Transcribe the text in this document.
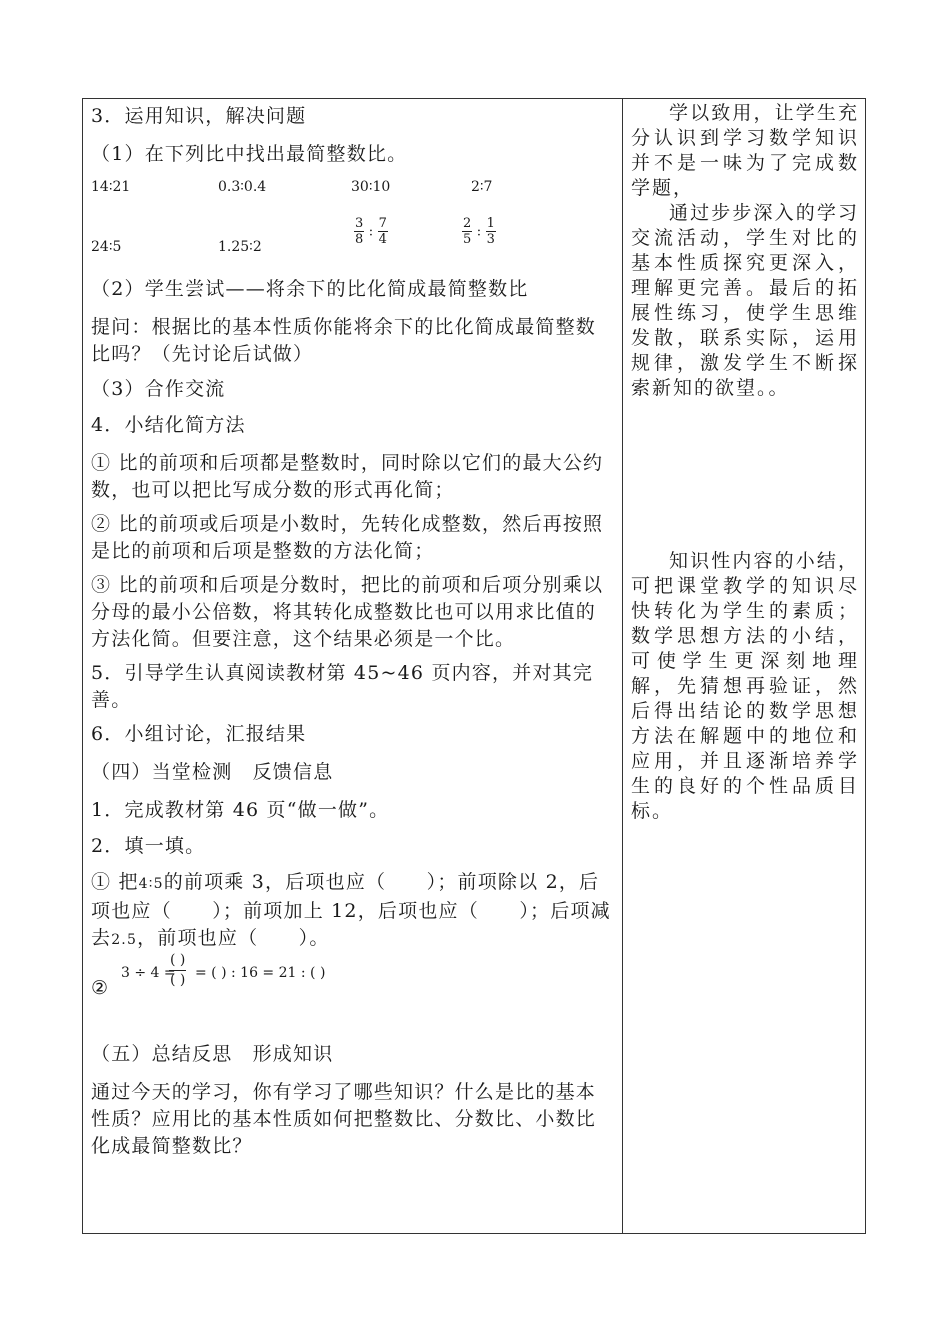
3．运用知识，解决问题
（1）在下列比中找出最简整数比。
14∶21	0.3∶0.4	30∶10	2∶7
24∶5	1.25∶2	$\frac{3}{8}$ : $\frac{7}{4}$	$\frac{2}{5}$ : $\frac{1}{3}$
（2）学生尝试——将余下的比化简成最简整数比
提问：根据比的基本性质你能将余下的比化简成最简整数比吗？（先讨论后试做）
（3）合作交流
4．小结化简方法
① 比的前项和后项都是整数时，同时除以它们的最大公约数，也可以把比写成分数的形式再化简；
② 比的前项或后项是小数时，先转化成整数，然后再按照是比的前项和后项是整数的方法化简；
③ 比的前项和后项是分数时，把比的前项和后项分别乘以分母的最小公倍数，将其转化成整数比也可以用求比值的方法化简。但要注意，这个结果必须是一个比。
5．引导学生认真阅读教材第 45~46 页内容，并对其完善。
6．小组讨论，汇报结果
（四）当堂检测　反馈信息
1．完成教材第 46 页“做一做”。
2．填一填。
① 把4∶5的前项乘 3，后项也应（　　）；前项除以 2，后项也应（　　）；前项加上 12，后项也应（　　）；后项减去2.5，前项也应（　　）。
②
3 ÷ 4 =
( )
( ) = ( ) : 16 = 21 : ( )
（五）总结反思　形成知识
通过今天的学习，你有学习了哪些知识？什么是比的基本性质？应用比的基本性质如何把整数比、分数比、小数比化成最简整数比？
学以致用，让学生充分认识到学习数学知识并不是一味为了完成数学题，
通过步步深入的学习交流活动，学生对比的基本性质探究更深入，理解更完善。最后的拓展性练习，使学生思维发散，联系实际，运用规律，激发学生不断探索新知的欲望。。
知识性内容的小结，可把课堂教学的知识尽快转化为学生的素质；数学思想方法的小结，可使学生更深刻地理解，先猜想再验证，然后得出结论的数学思想方法在解题中的地位和应用，并且逐渐培养学生的良好的个性品质目标。
